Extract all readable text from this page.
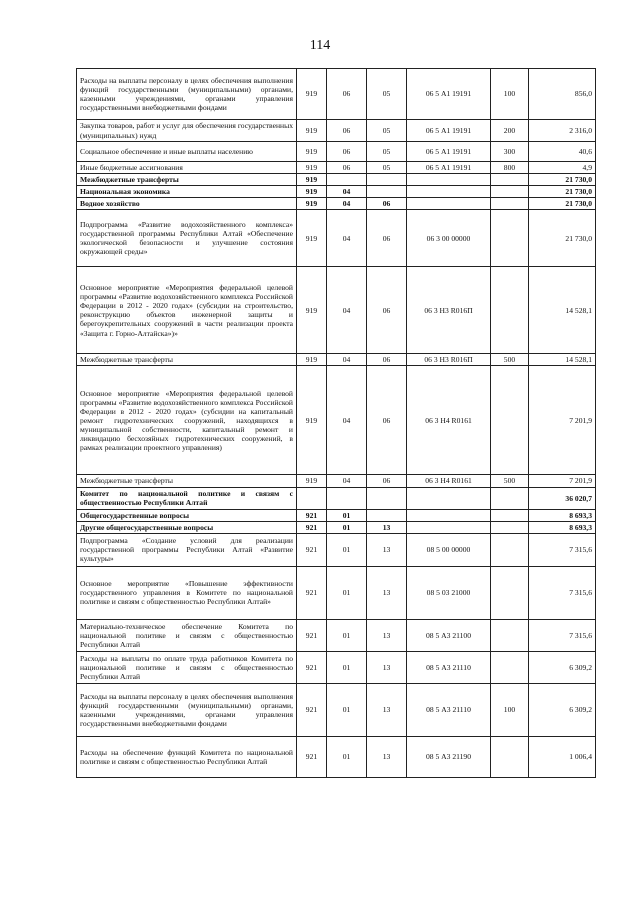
114
Расходы на выплаты персоналу в целях обеспечения выполнения функций государственными (муниципальными) органами, казенными учреждениями, органами управления государственными внебюджетными фондами	919	06	05	06 5 А1 19191	100	856,0
Закупка товаров, работ и услуг для обеспечения государственных (муниципальных) нужд	919	06	05	06 5 А1 19191	200	2 316,0
Социальное обеспечение и иные выплаты населению	919	06	05	06 5 А1 19191	300	40,6
Иные бюджетные ассигнования	919	06	05	06 5 А1 19191	800	4,9
Межбюджетные трансферты	919					21 730,0
Национальная экономика	919	04				21 730,0
Водное хозяйство	919	04	06			21 730,0
Подпрограмма «Развитие водохозяйственного комплекса» государственной программы Республики Алтай «Обеспечение экологической безопасности и улучшение состояния окружающей среды»	919	04	06	06 3 00 00000		21 730,0
Основное мероприятие «Мероприятия федеральной целевой программы «Развитие водохозяйственного комплекса Российской Федерации в 2012 - 2020 годах» (субсидии на строительство, реконструкцию объектов инженерной защиты и берегоукрепительных сооружений в части реализации проекта «Защита г. Горно-Алтайска»)»	919	04	06	06 3 Н3 R016П		14 528,1
Межбюджетные трансферты	919	04	06	06 3 Н3 R016П	500	14 528,1
Основное мероприятие «Мероприятия федеральной целевой программы «Развитие водохозяйственного комплекса Российской Федерации в 2012 - 2020 годах» (субсидии на капитальный ремонт гидротехнических сооружений, находящихся в муниципальной собственности, капитальный ремонт и ликвидацию бесхозяйных гидротехнических сооружений, в рамках реализации проектного управления)	919	04	06	06 3 Н4 R0161		7 201,9
Межбюджетные трансферты	919	04	06	06 3 Н4 R0161	500	7 201,9
Комитет по национальной политике и связям с общественностью Республики Алтай						36 020,7
Общегосударственные вопросы	921	01				8 693,3
Другие общегосударственные вопросы	921	01	13			8 693,3
Подпрограмма «Создание условий для реализации государственной программы Республики Алтай «Развитие культуры»	921	01	13	08 5 00 00000		7 315,6
Основное мероприятие «Повышение эффективности государственного управления в Комитете по национальной политике и связям с общественностью Республики Алтай»	921	01	13	08 5 03 21000		7 315,6
Материально-техническое обеспечение Комитета по национальной политике и связям с общественностью Республики Алтай	921	01	13	08 5 А3 21100		7 315,6
Расходы на выплаты по оплате труда работников Комитета по национальной политике и связям с общественностью Республики Алтай	921	01	13	08 5 А3 21110		6 309,2
Расходы на выплаты персоналу в целях обеспечения выполнения функций государственными (муниципальными) органами, казенными учреждениями, органами управления государственными внебюджетными фондами	921	01	13	08 5 А3 21110	100	6 309,2
Расходы на обеспечение функций Комитета по национальной политике и связям с общественностью Республики Алтай	921	01	13	08 5 А3 21190		1 006,4
